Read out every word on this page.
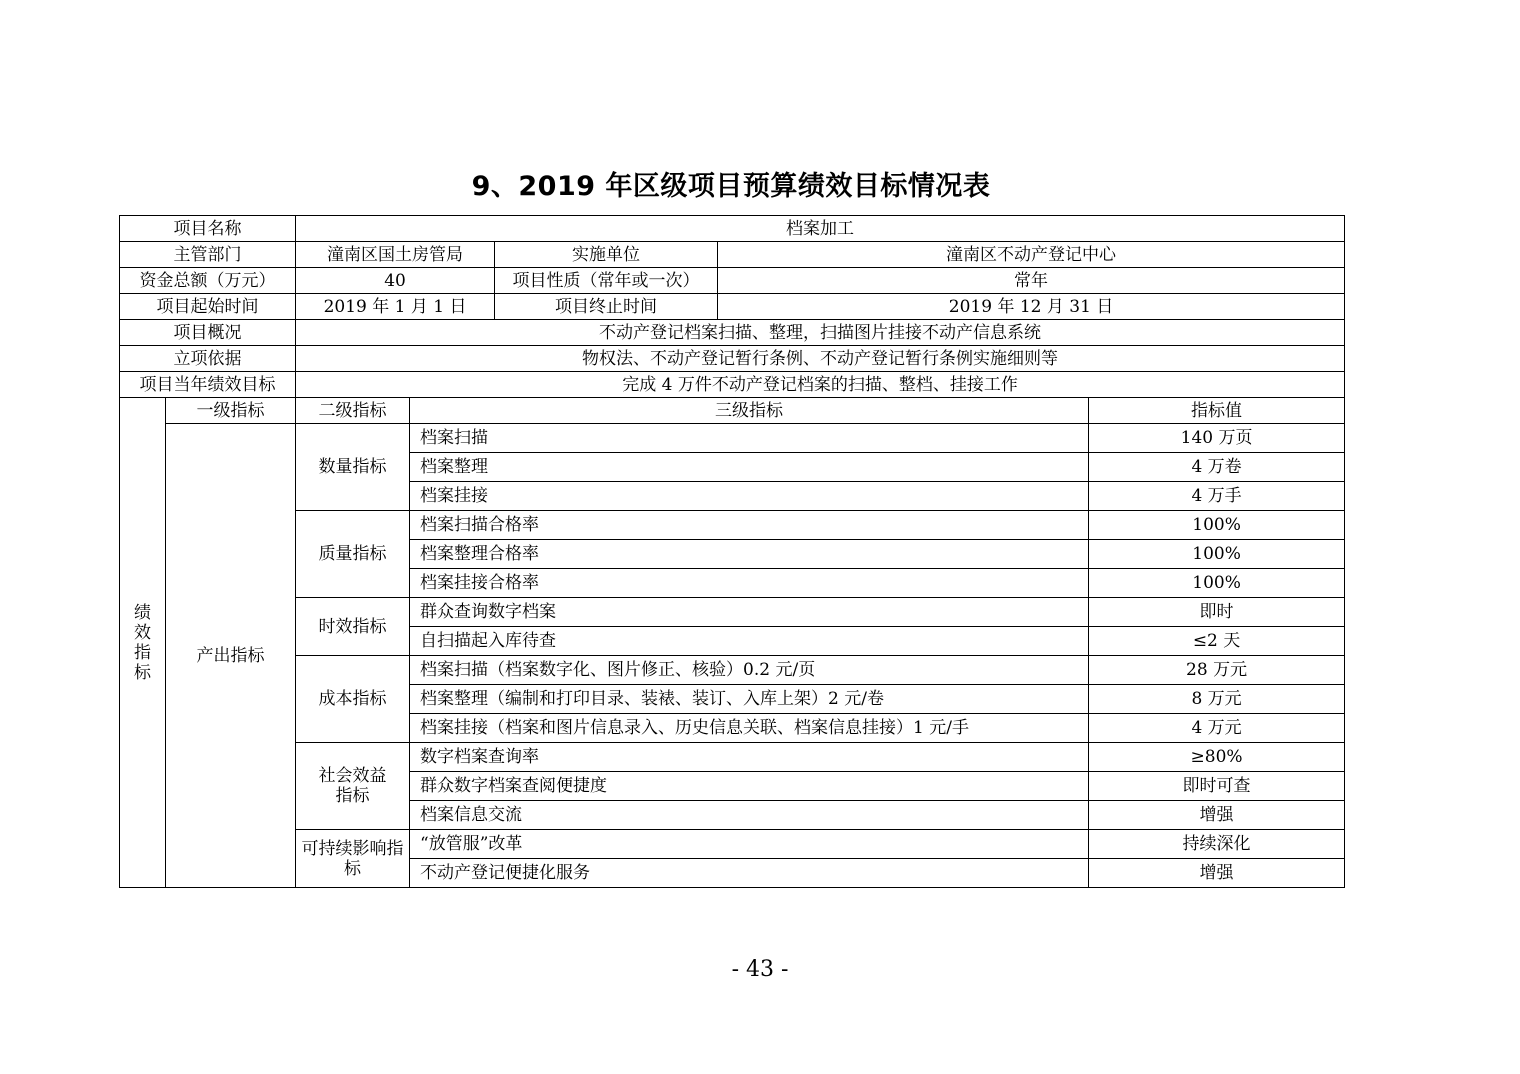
9、2019 年区级项目预算绩效目标情况表
项目名称		档案加工				
主管部门		潼南区国土房管局		实施单位	潼南区不动产登记中心	
资金总额（万元）		40		项目性质（常年或一次）	常年	
项目起始时间		2019 年 1 月 1 日		项目终止时间	2019 年 12 月 31 日	
项目概况		不动产登记档案扫描、整理，扫描图片挂接不动产信息系统				
立项依据		物权法、不动产登记暂行条例、不动产登记暂行条例实施细则等				
项目当年绩效目标		完成 4 万件不动产登记档案的扫描、整档、挂接工作				
绩效指标	一级指标	二级指标	三级指标			指标值
	产出指标	数量指标	档案扫描			140 万页
			档案整理			4 万卷
			档案挂接			4 万手
		质量指标	档案扫描合格率			100%
			档案整理合格率			100%
			档案挂接合格率			100%
		时效指标	群众查询数字档案			即时
			自扫描起入库待查			≤2 天
		成本指标	档案扫描（档案数字化、图片修正、核验）0.2 元/页			28 万元
			档案整理（编制和打印目录、装裱、装订、入库上架）2 元/卷			8 万元
			档案挂接（档案和图片信息录入、历史信息关联、档案信息挂接）1 元/手			4 万元
		社会效益指标	数字档案查询率			≥80%
			群众数字档案查阅便捷度			即时可查
			档案信息交流			增强
		可持续影响指标	“放管服”改革			持续深化
			不动产登记便捷化服务			增强
- 43 -
